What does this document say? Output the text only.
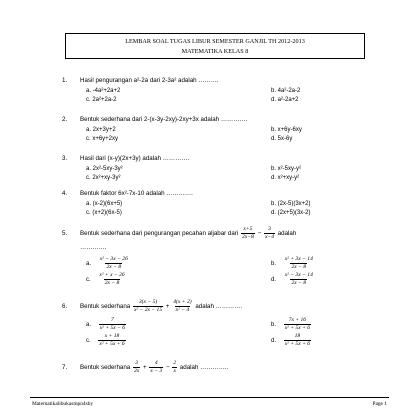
LEMBAR SOAL TUGAS LIBUR SEMESTER GANJIL TH 2012-2013
MATEMATIKA KELAS 8
1. Hasil pengurangan a²-2a dari 2-3a² adalah ……….
a. -4a²+2a+2	b. 4a²-2a-2
c. 2a²+2a-2	d. a²-2a+2
2. Bentuk sederhana dari 2-(x-3y-2xy)-2xy+3x adalah ………….
a. 2x+3y+2	b. x+6y-6xy
c. x+6y+2xy	d. 5x-6y
3. Hasil dari (x-y)(2x+3y) adalah ………….
a. 2x²-5xy-3y²	b. x²-5xy-y²
c. 2x²+xy-3y²	d. x²+xy-y²
4. Bentuk faktor 6x²-7x-10 adalah ………….
a. (x-2)(6x+5)	b. (2x-5)(3x+2)
c. (x+2)(6x-5)	d. (2x+5)(3x-2)
5. Bentuk sederhana dari pengurangan pecahan aljabar dari $\frac{x+5}{2x-8} - \frac{3}{x-4}$ adalah
………….
a. $\frac{\text{x² − 3x − 26}}{2x - 8}$	b. $\frac{\text{x² + 3x − 14}}{2x - 8}$
c. $\frac{\text{x² + x − 26}}{2x - 8}$	d. $\frac{\text{x² − 3x − 14}}{2x - 8}$
6. Bentuk sederhana $\frac{3(x - 5)}{\text{x² − 2x − 15}} + \frac{4(x + 2)}{\text{x² − 4}}$ adalah ………….
a. $\frac{7}{\text{x² + 5x − 6}}$	b. $\frac{7x + 16}{\text{x² + 5x + 6}}$
c. $\frac{x + 18}{\text{x² + 5x + 6}}$	d. $\frac{18}{\text{x² + 5x + 6}}$
7. Bentuk sederhana $\frac{3}{2x} + \frac{4}{x - 3} - \frac{2}{x}$ adalah …………..
Matematikalibukasmpn4sby	Page 1
